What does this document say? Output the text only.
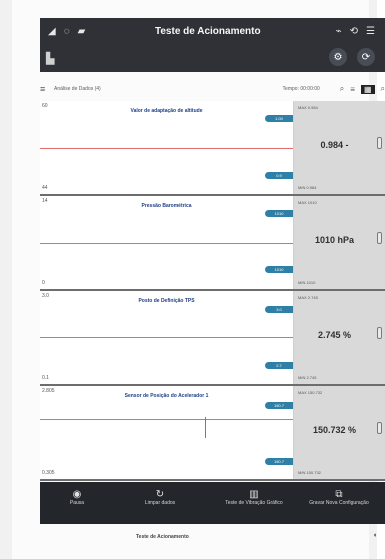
◢ ◌ ▰	Teste de Acionamento	⌁ ⟲ ☰
▙	⚙	⟳
≡	Análise de Dados (4)	Tempo: 00:00:00	⌕ ≡	▦	⌕
60
Valor de adaptação de altitude
1.00
0.9
44
MAX 0.984
0.984 -
MIN 0.984
14
Pressão Barométrica
1010
1010
0
MAX 1010
1010 hPa
MIN 1010
3.0
Posto de Definição TPS
3.0
2.7
0.1
MAX 2.745
2.745 %
MIN 2.745
2.805
Sensor de Posição do Acelerador 1
150.7
150.7
0.305
MAX 150.732
150.732 %
MIN 150.732
◉
Pausa
↻
Limpar dados
▥
Teste de Vibração Gráfico
⧉
Gravar Nova Configuração
Teste de Acionamento	◖
